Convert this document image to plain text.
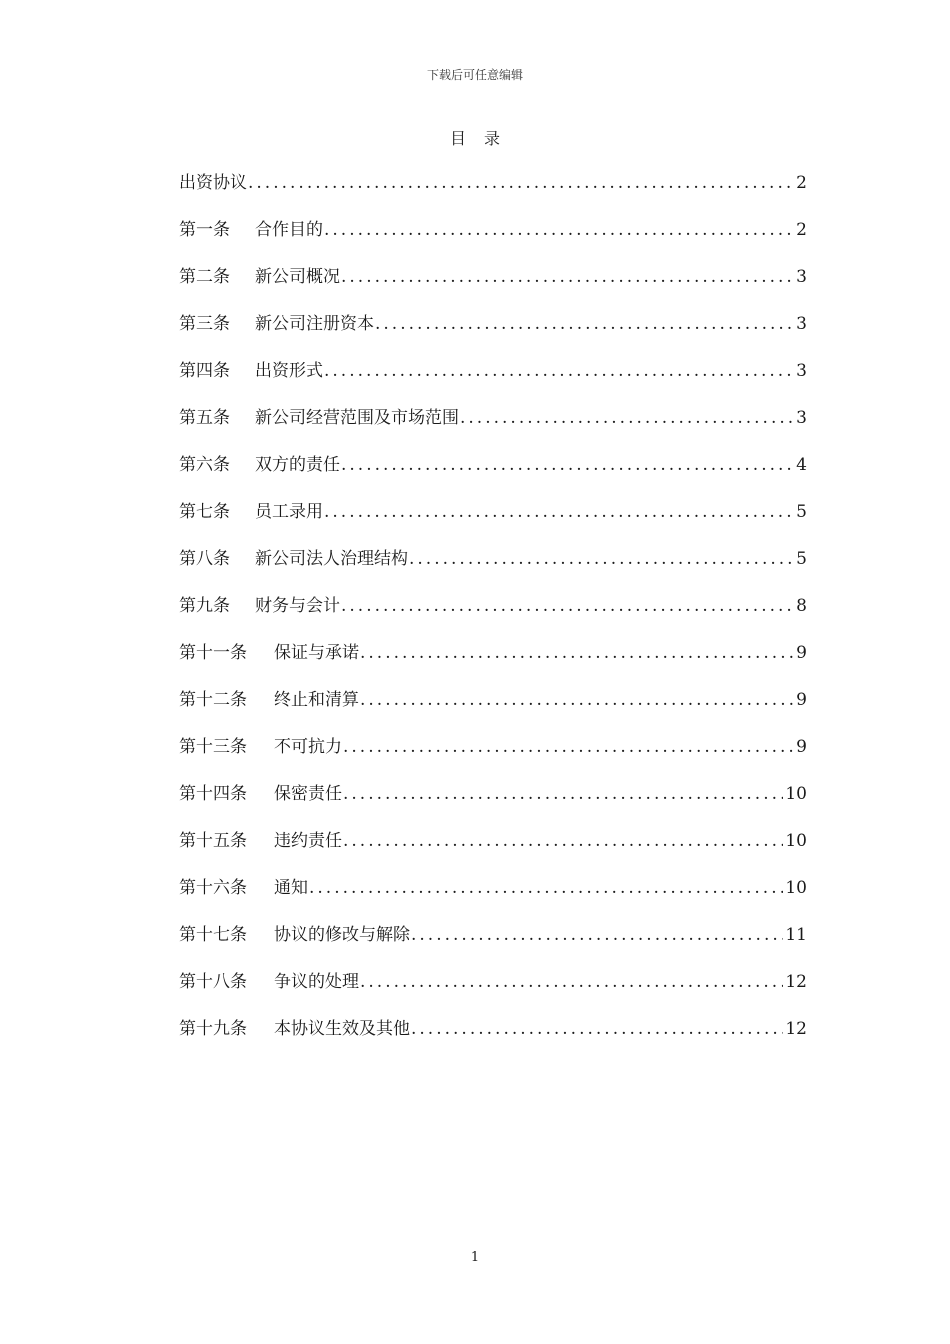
下载后可任意编辑
目 录
出资协议 .....	2
第一条	合作目的 .....	2
第二条	新公司概况 .....	3
第三条	新公司注册资本 .....	3
第四条	出资形式 .....	3
第五条	新公司经营范围及市场范围 .....	3
第六条	双方的责任 .....	4
第七条	员工录用 .....	5
第八条	新公司法人治理结构 .....	5
第九条	财务与会计 .....	8
第十一条	保证与承诺 .....	9
第十二条	终止和清算 .....	9
第十三条	不可抗力 .....	9
第十四条	保密责任 .....	10
第十五条	违约责任 .....	10
第十六条	通知 .....	10
第十七条	协议的修改与解除 .....	11
第十八条	争议的处理 .....	12
第十九条	本协议生效及其他 .....	12
1
